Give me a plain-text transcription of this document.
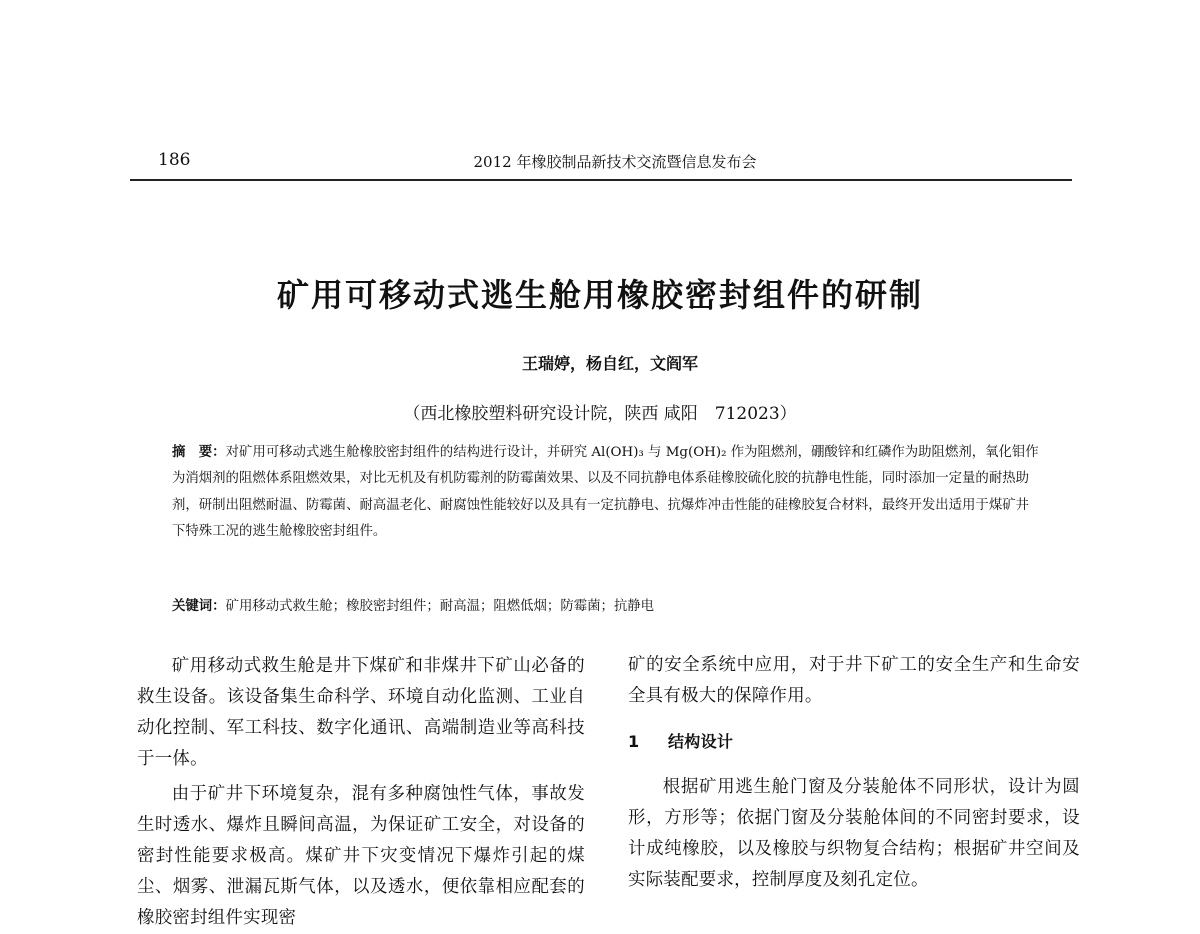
186	2012 年橡胶制品新技术交流暨信息发布会
矿用可移动式逃生舱用橡胶密封组件的研制
王瑞婷，杨自红，文阎军
（西北橡胶塑料研究设计院，陕西 咸阳　712023）
摘　要：对矿用可移动式逃生舱橡胶密封组件的结构进行设计，并研究 Al(OH)₃ 与 Mg(OH)₂ 作为阻燃剂，硼酸锌和红磷作为助阻燃剂，氧化钼作为消烟剂的阻燃体系阻燃效果，对比无机及有机防霉剂的防霉菌效果、以及不同抗静电体系硅橡胶硫化胶的抗静电性能，同时添加一定量的耐热助剂，研制出阻燃耐温、防霉菌、耐高温老化、耐腐蚀性能较好以及具有一定抗静电、抗爆炸冲击性能的硅橡胶复合材料，最终开发出适用于煤矿井下特殊工况的逃生舱橡胶密封组件。
关键词：矿用移动式救生舱；橡胶密封组件；耐高温；阻燃低烟；防霉菌；抗静电

矿用移动式救生舱是井下煤矿和非煤井下矿山必备的救生设备。该设备集生命科学、环境自动化监测、工业自动化控制、军工科技、数字化通讯、高端制造业等高科技于一体。

由于矿井下环境复杂，混有多种腐蚀性气体，事故发生时透水、爆炸且瞬间高温，为保证矿工安全，对设备的密封性能要求极高。煤矿井下灾变情况下爆炸引起的煤尘、烟雾、泄漏瓦斯气体，以及透水，便依靠相应配套的橡胶密封组件实现密

矿的安全系统中应用，对于井下矿工的安全生产和生命安全具有极大的保障作用。

1 结构设计

根据矿用逃生舱门窗及分装舱体不同形状，设计为圆形，方形等；依据门窗及分装舱体间的不同密封要求，设计成纯橡胶，以及橡胶与织物复合结构；根据矿井空间及实际装配要求，控制厚度及刻孔定位。
